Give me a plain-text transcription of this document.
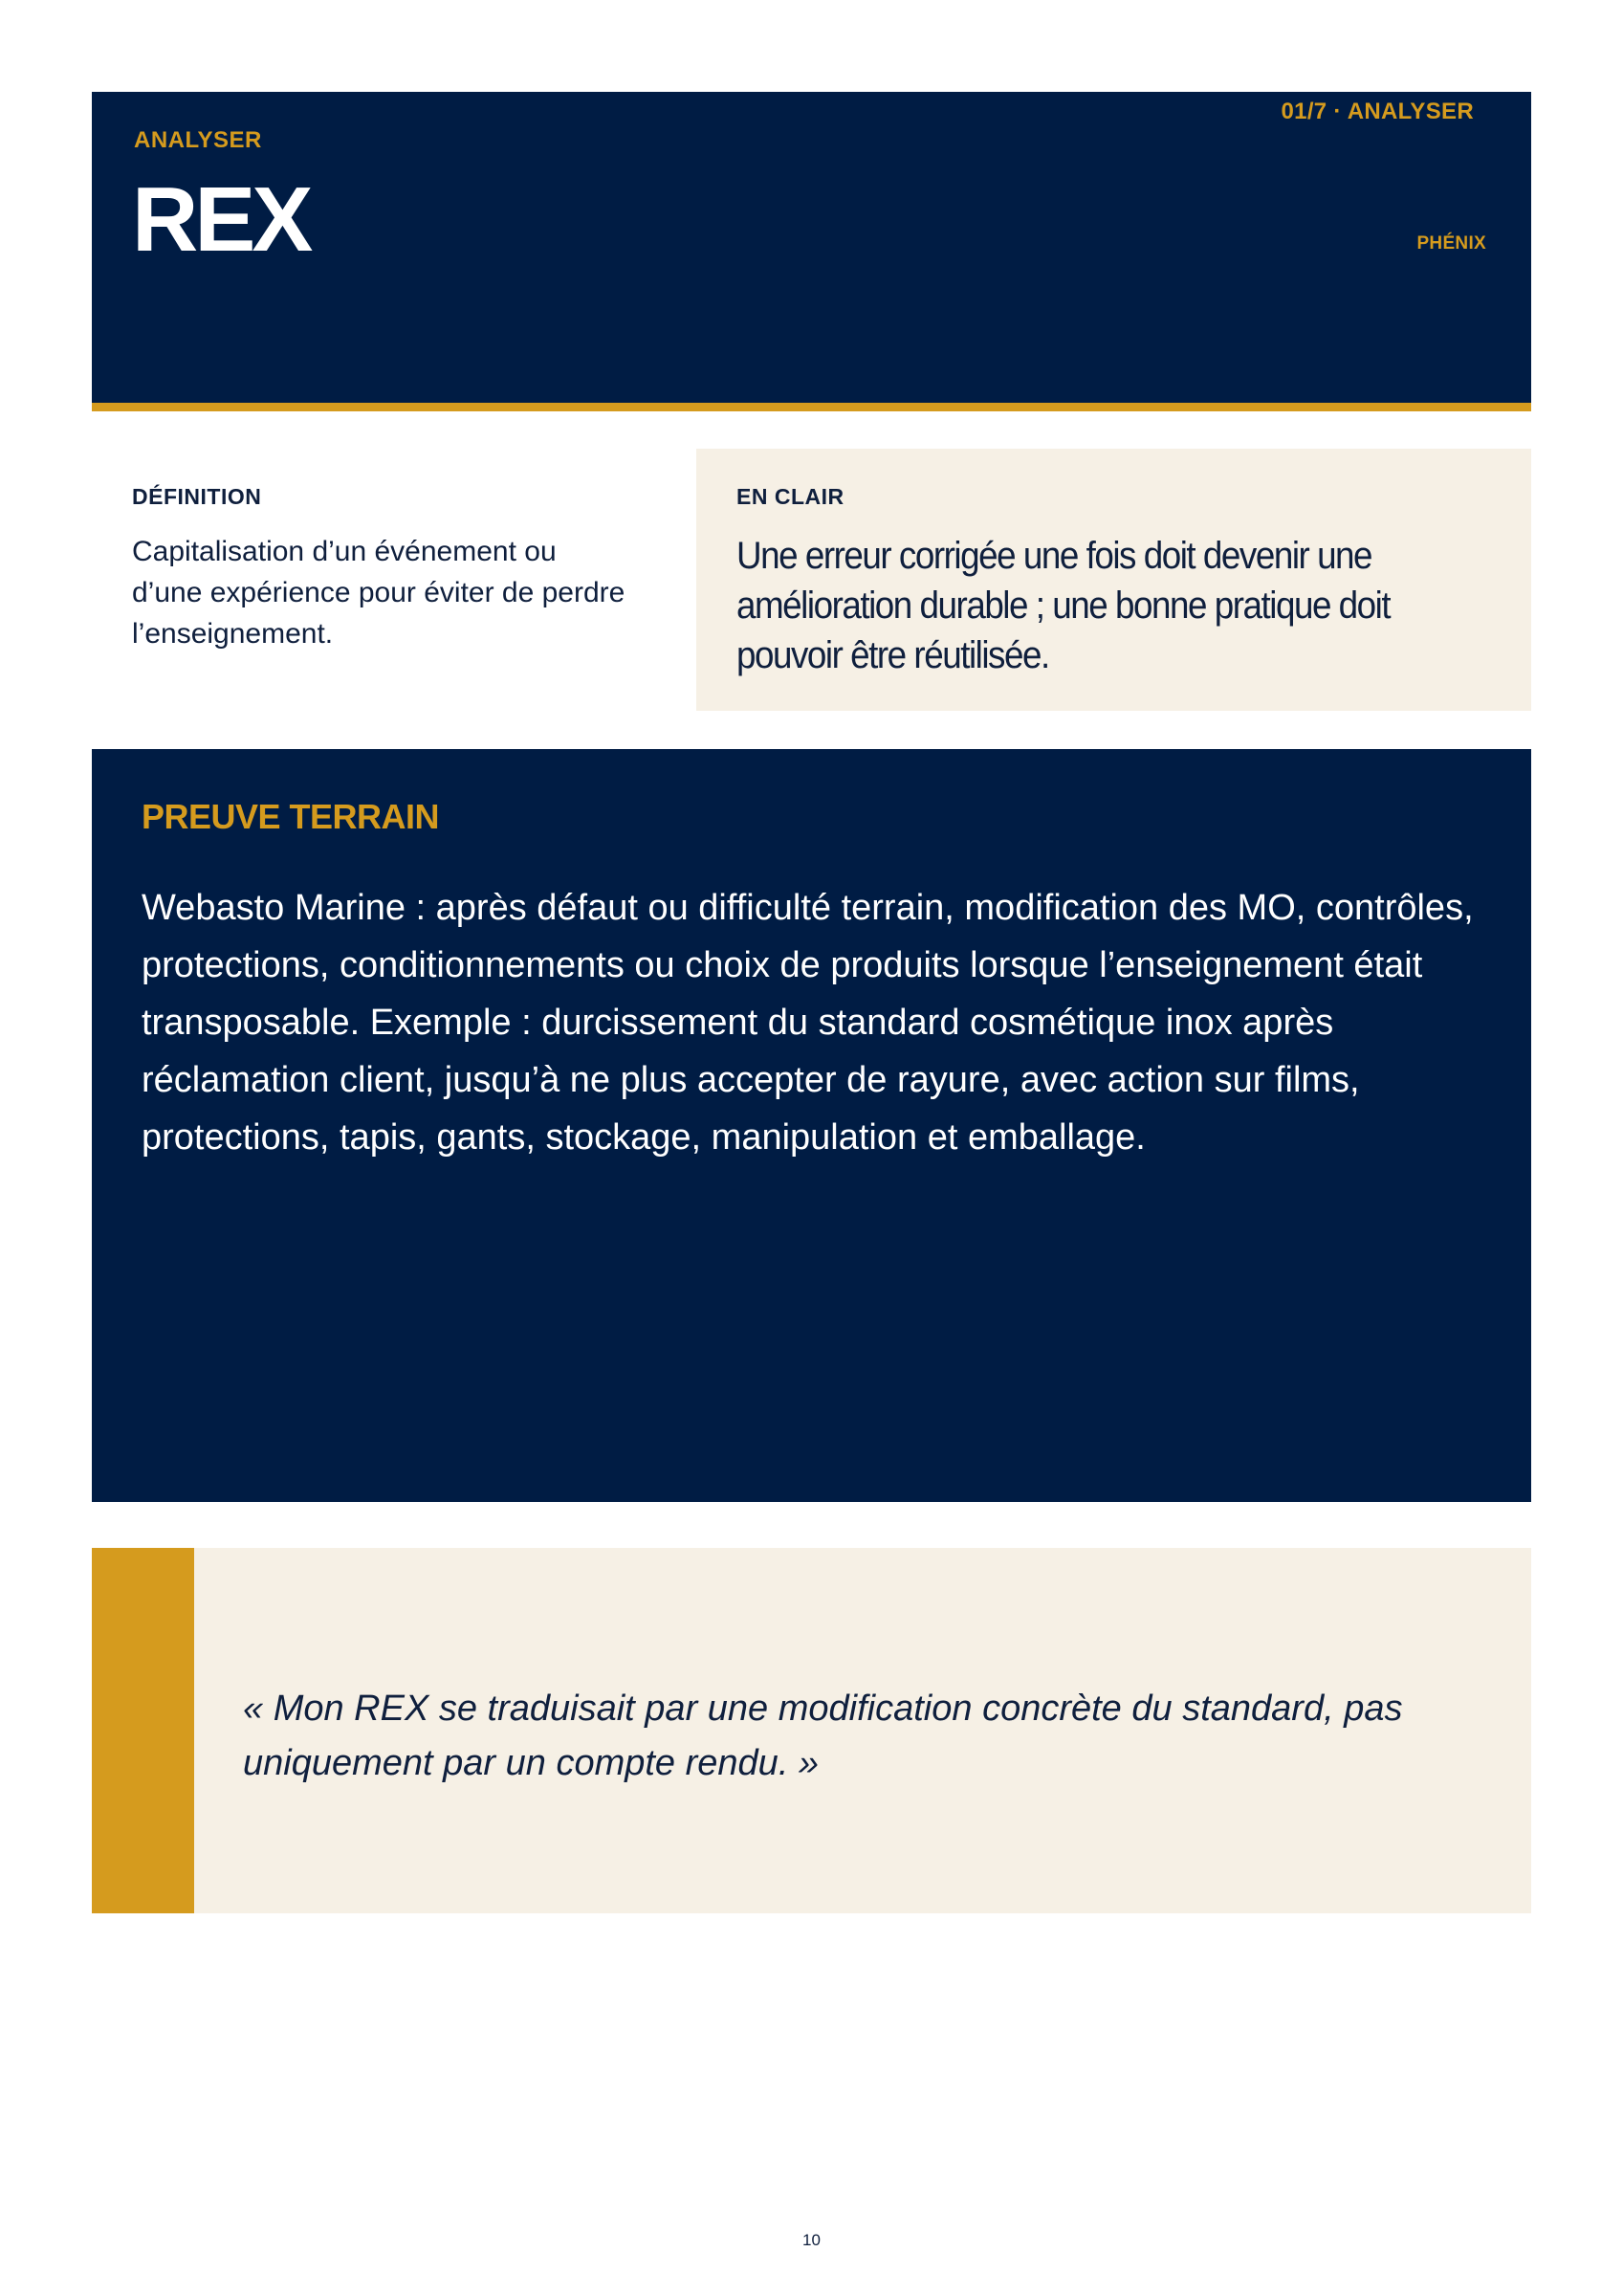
01/7 · ANALYSER
ANALYSER
REX	PHÉNIX
DÉFINITION
Capitalisation d’un événement ou d’une expérience pour éviter de perdre l’enseignement.
EN CLAIR
Une erreur corrigée une fois doit devenir une amélioration durable ; une bonne pratique doit pouvoir être réutilisée.
PREUVE TERRAIN
Webasto Marine : après défaut ou difficulté terrain, modification des MO, contrôles, protections, conditionnements ou choix de produits lorsque l’enseignement était transposable. Exemple : durcissement du standard cosmétique inox après réclamation client, jusqu’à ne plus accepter de rayure, avec action sur films, protections, tapis, gants, stockage, manipulation et emballage.
« Mon REX se traduisait par une modification concrète du standard, pas uniquement par un compte rendu. »
10
